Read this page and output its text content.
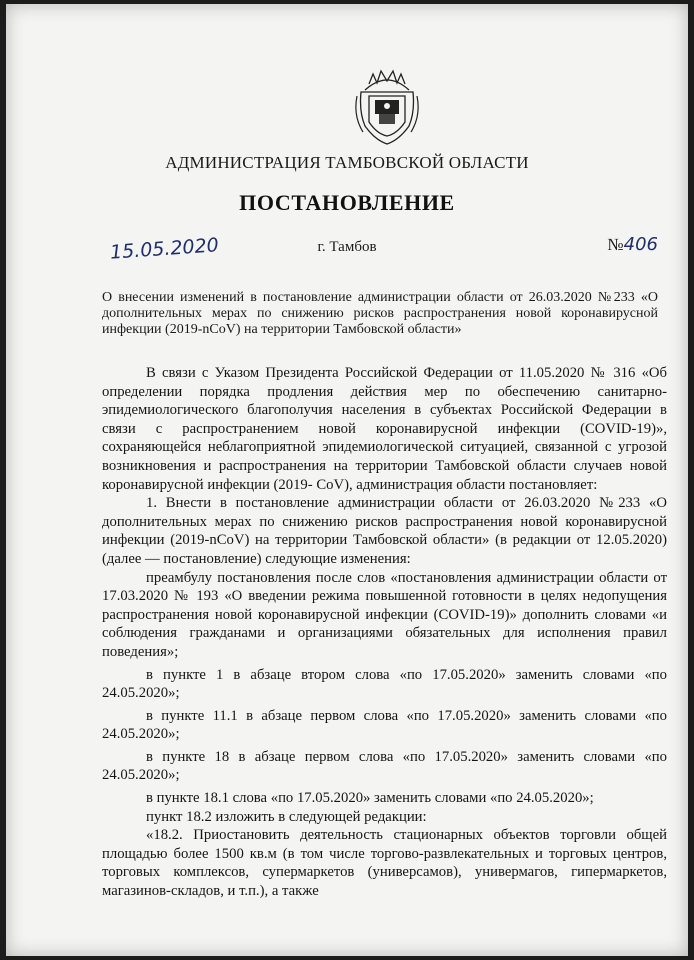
АДМИНИСТРАЦИЯ ТАМБОВСКОЙ ОБЛАСТИ
ПОСТАНОВЛЕНИЕ
15.05.2020	г. Тамбов	№406
О внесении изменений в постановление администрации области от 26.03.2020 №233 «О дополнительных мерах по снижению рисков распространения новой коронавирусной инфекции (2019-nCoV) на территории Тамбовской области»

В связи с Указом Президента Российской Федерации от 11.05.2020 № 316 «Об определении порядка продления действия мер по обеспечению санитарно-эпидемиологического благополучия населения в субъектах Российской Федерации в связи с распространением новой коронавирусной инфекции (COVID-19)», сохраняющейся неблагоприятной эпидемиологической ситуацией, связанной с угрозой возникновения и распространения на территории Тамбовской области случаев новой коронавирусной инфекции (2019- CoV), администрация области постановляет:

1. Внести в постановление администрации области от 26.03.2020 №233 «О дополнительных мерах по снижению рисков распространения новой коронавирусной инфекции (2019-nCoV) на территории Тамбовской области» (в редакции от 12.05.2020) (далее — постановление) следующие изменения:

преамбулу постановления после слов «постановления администрации области от 17.03.2020 № 193 «О введении режима повышенной готовности в целях недопущения распространения новой коронавирусной инфекции (COVID-19)» дополнить словами «и соблюдения гражданами и организациями обязательных для исполнения правил поведения»;

в пункте 1 в абзаце втором слова «по 17.05.2020» заменить словами «по 24.05.2020»;

в пункте 11.1 в абзаце первом слова «по 17.05.2020» заменить словами «по 24.05.2020»;

в пункте 18 в абзаце первом слова «по 17.05.2020» заменить словами «по 24.05.2020»;

в пункте 18.1 слова «по 17.05.2020» заменить словами «по 24.05.2020»;

пункт 18.2 изложить в следующей редакции:

«18.2. Приостановить деятельность стационарных объектов торговли общей площадью более 1500 кв.м (в том числе торгово-развлекательных и торговых центров, торговых комплексов, супермаркетов (универсамов), универмагов, гипермаркетов, магазинов-складов, и т.п.), а также
